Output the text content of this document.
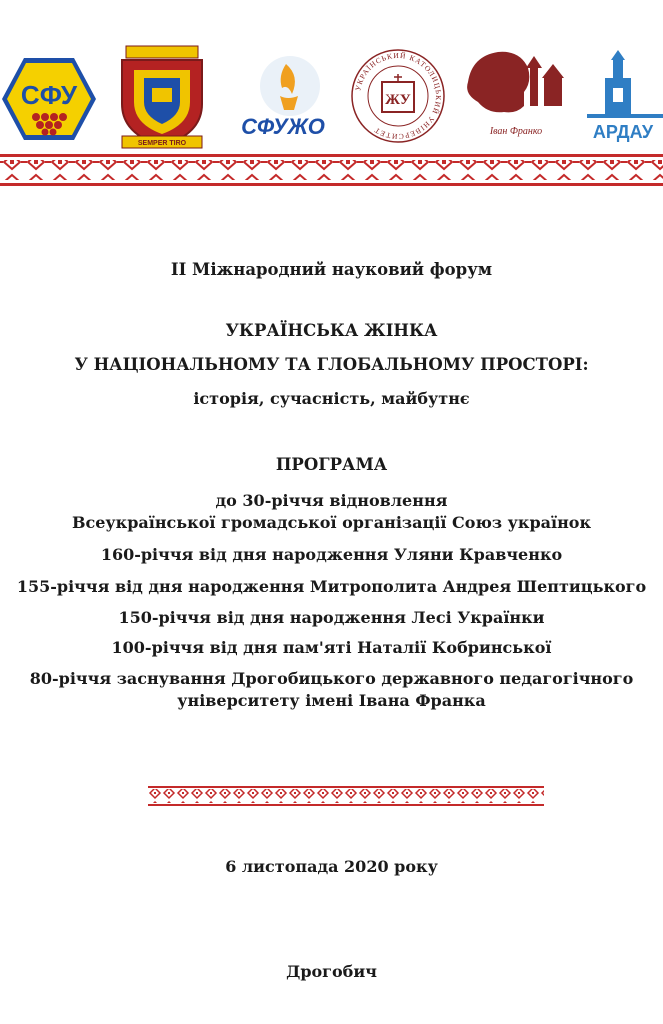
СФУ
SEMPER TIRO
СФУЖО
УКРАЇНСЬКИЙ КАТОЛИЦЬКИЙ УНІВЕРСИТЕТ
ЖУ
Іван Франко	АРДАУ
II Міжнародний науковий форум
УКРАЇНСЬКА ЖІНКА
У НАЦІОНАЛЬНОМУ ТА ГЛОБАЛЬНОМУ ПРОСТОРІ:
історія, сучасність, майбутнє
ПРОГРАМА
до 30-річчя відновлення
Всеукраїнської громадської організації Союз українок
160-річчя від дня народження Уляни Кравченко
155-річчя від дня народження Митрополита Андрея Шептицького
150-річчя від дня народження Лесі Українки
100-річчя від дня пам'яті Наталії Кобринської
80-річчя заснування Дрогобицького державного педагогічного
університету імені Івана Франка
6 листопада 2020 року
Дрогобич
